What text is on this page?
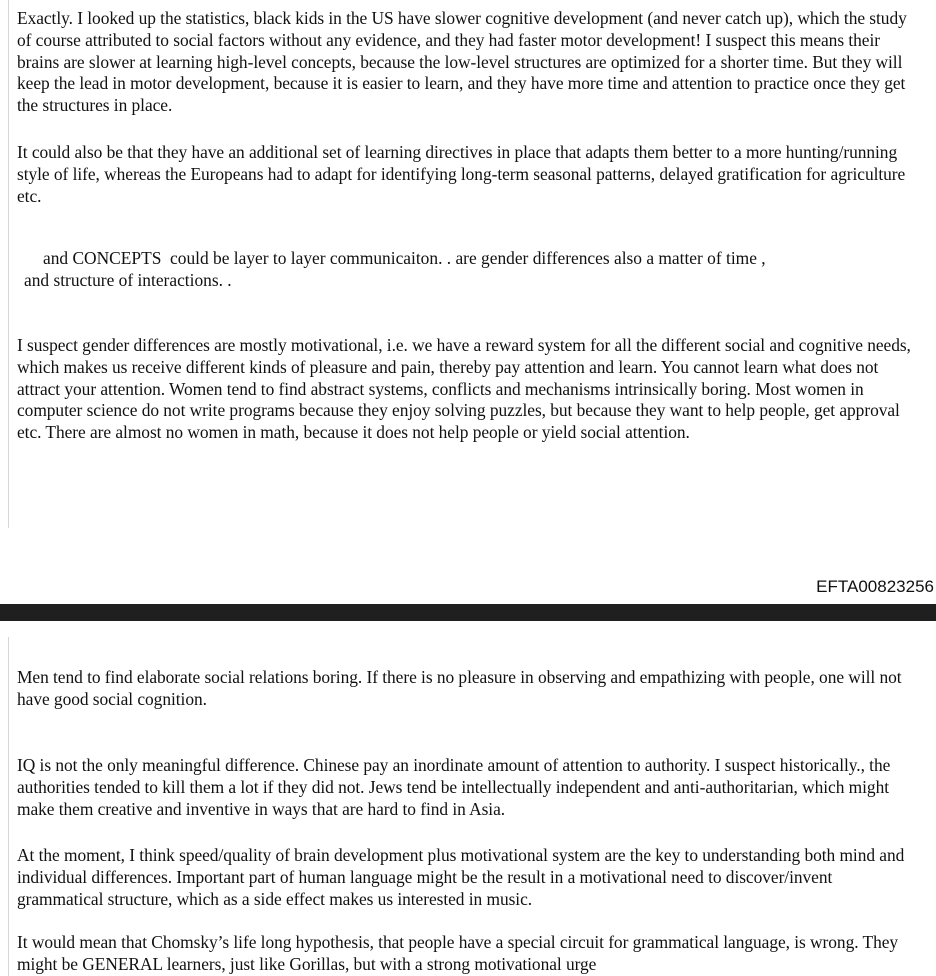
Exactly. I looked up the statistics, black kids in the US have slower cognitive development (and never catch up), which the study of course attributed to social factors without any evidence, and they had faster motor development! I suspect this means their brains are slower at learning high-level concepts, because the low-level structures are optimized for a shorter time. But they will keep the lead in motor development, because it is easier to learn, and they have more time and attention to practice once they get the structures in place.

It could also be that they have an additional set of learning directives in place that adapts them better to a more hunting/running style of life, whereas the Europeans had to adapt for identifying long-term seasonal patterns, delayed gratification for agriculture etc.

and CONCEPTS  could be layer to layer communicaiton. . are gender differences also a matter of time ,

and structure of interactions. .

I suspect gender differences are mostly motivational, i.e. we have a reward system for all the different social and cognitive needs, which makes us receive different kinds of pleasure and pain, thereby pay attention and learn. You cannot learn what does not attract your attention. Women tend to find abstract systems, conflicts and mechanisms intrinsically boring. Most women in computer science do not write programs because they enjoy solving puzzles, but because they want to help people, get approval etc. There are almost no women in math, because it does not help people or yield social attention.

EFTA00823256

Men tend to find elaborate social relations boring. If there is no pleasure in observing and empathizing with people, one will not have good social cognition.

IQ is not the only meaningful difference. Chinese pay an inordinate amount of attention to authority. I suspect historically., the authorities tended to kill them a lot if they did not. Jews tend be intellectually independent and anti-authoritarian, which might make them creative and inventive in ways that are hard to find in Asia.

At the moment, I think speed/quality of brain development plus motivational system are the key to understanding both mind and individual differences. Important part of human language might be the result in a motivational need to discover/invent grammatical structure, which as a side effect makes us interested in music.

It would mean that Chomsky’s life long hypothesis, that people have a special circuit for grammatical language, is wrong. They might be GENERAL learners, just like Gorillas, but with a strong motivational urge
